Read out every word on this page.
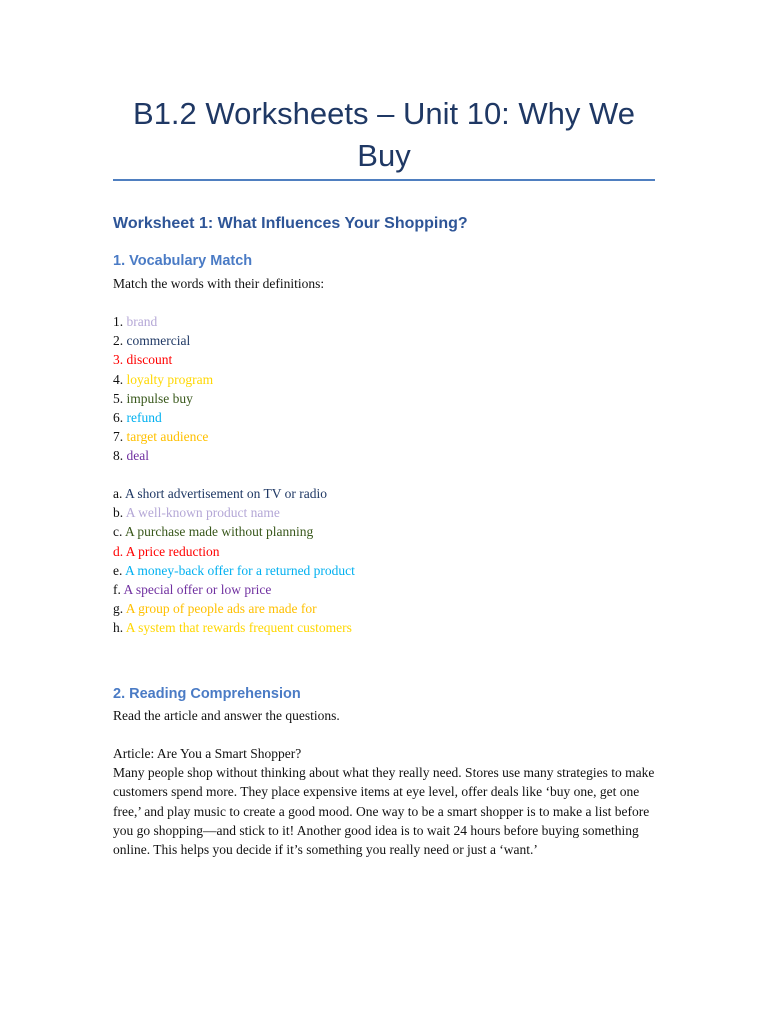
B1.2 Worksheets – Unit 10: Why We Buy
Worksheet 1: What Influences Your Shopping?
1. Vocabulary Match
Match the words with their definitions:
1. brand
2. commercial
3. discount
4. loyalty program
5. impulse buy
6. refund
7. target audience
8. deal
a. A short advertisement on TV or radio
b. A well-known product name
c. A purchase made without planning
d. A price reduction
e. A money-back offer for a returned product
f. A special offer or low price
g. A group of people ads are made for
h. A system that rewards frequent customers
2. Reading Comprehension
Read the article and answer the questions.
Article: Are You a Smart Shopper?
Many people shop without thinking about what they really need. Stores use many strategies to make customers spend more. They place expensive items at eye level, offer deals like ‘buy one, get one free,’ and play music to create a good mood. One way to be a smart shopper is to make a list before you go shopping—and stick to it! Another good idea is to wait 24 hours before buying something online. This helps you decide if it’s something you really need or just a ‘want.’
